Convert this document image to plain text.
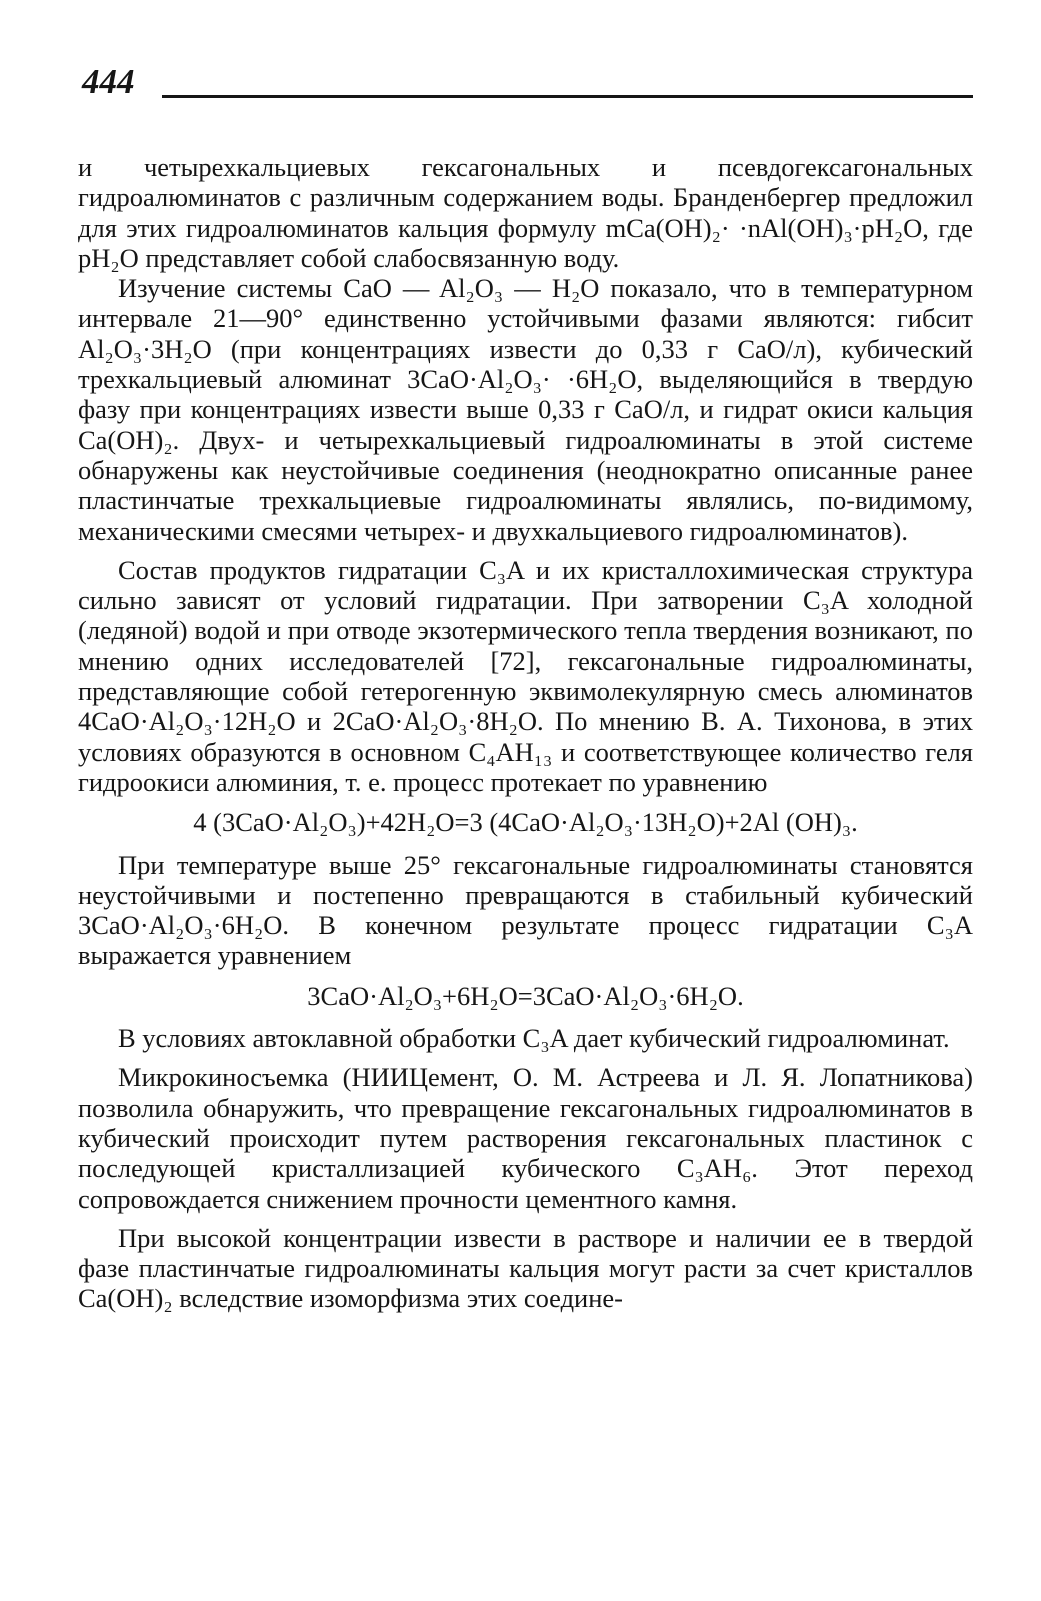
444

и четырехкальциевых гексагональных и псевдогексагональных гидроалюминатов с различным содержанием воды. Бранденбергер предложил для этих гидроалюминатов кальция формулу mCa(OH)₂· ·nAl(OH)₃·pH₂O, где pH₂O представляет собой слабосвязанную воду.

Изучение системы CaO — Al₂O₃ — H₂O показало, что в температурном интервале 21—90° единственно устойчивыми фазами являются: гибсит Al₂O₃·3H₂O (при концентрациях извести до 0,33 г CaO/л), кубический трехкальциевый алюминат 3CaO·Al₂O₃· ·6H₂O, выделяющийся в твердую фазу при концентрациях извести выше 0,33 г CaO/л, и гидрат окиси кальция Ca(OH)₂. Двух- и четырехкальциевый гидроалюминаты в этой системе обнаружены как неустойчивые соединения (неоднократно описанные ранее пластинчатые трехкальциевые гидроалюминаты являлись, по-видимому, механическими смесями четырех- и двухкальциевого гидроалюминатов).

Состав продуктов гидратации C₃A и их кристаллохимическая структура сильно зависят от условий гидратации. При затворении C₃A холодной (ледяной) водой и при отводе экзотермического тепла твердения возникают, по мнению одних исследователей [72], гексагональные гидроалюминаты, представляющие собой гетерогенную эквимолекулярную смесь алюминатов 4CaO·Al₂O₃·12H₂O и 2CaO·Al₂O₃·8H₂O. По мнению В. А. Тихонова, в этих условиях образуются в основном C₄AH₁₃ и соответствующее количество геля гидроокиси алюминия, т. е. процесс протекает по уравнению

4 (3CaO·Al₂O₃)+42H₂O=3 (4CaO·Al₂O₃·13H₂O)+2Al (OH)₃.

При температуре выше 25° гексагональные гидроалюминаты становятся неустойчивыми и постепенно превращаются в стабильный кубический 3CaO·Al₂O₃·6H₂O. В конечном результате процесс гидратации C₃A выражается уравнением

3CaO·Al₂O₃+6H₂O=3CaO·Al₂O₃·6H₂O.

В условиях автоклавной обработки C₃A дает кубический гидроалюминат.

Микрокиносъемка (НИИЦемент, О. М. Астреева и Л. Я. Лопатникова) позволила обнаружить, что превращение гексагональных гидроалюминатов в кубический происходит путем растворения гексагональных пластинок с последующей кристаллизацией кубического C₃AH₆. Этот переход сопровождается снижением прочности цементного камня.

При высокой концентрации извести в растворе и наличии ее в твердой фазе пластинчатые гидроалюминаты кальция могут расти за счет кристаллов Ca(OH)₂ вследствие изоморфизма этих соедине-
